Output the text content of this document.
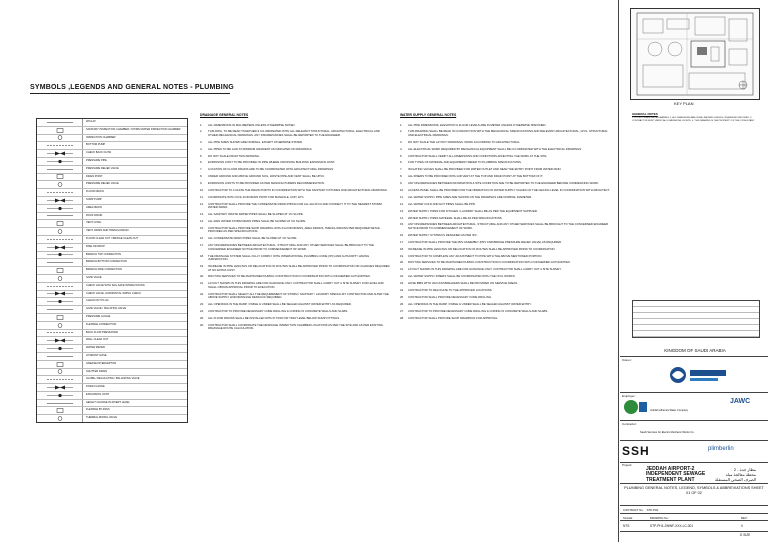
SYMBOLS ,LEGENDS AND GENERAL NOTES - PLUMBING
WC/LAV
SANITARY INSPECTION CHAMBER / STORM WATER INSPECTION CHAMBER
INSPECTION CHAMBER
BOTTOM PUMP
CHECK BACK FLOW
PRESSURE PIPE
PRESSURE RELIEF VALVE
DRAIN POINT
PRESSURE RELIEF VALVE
FLOOR DRAIN
SUMP PUMP
AREA DRAIN
ROOF DRAIN
VENT COWL
VENT, DRAIN AND TRENCH DRAIN
FLOOR CLEAN OUT / BRIDGE CLEAN OUT
RISE OR DROP
BRANCH TOP CONNECTION
BRANCH BOTTOM CONNECTION
BRANCH SIDE CONNECTION
GATE VALVE
CHECK VALVE WITH FAIL SAFE INTERLOCKING
CHECK VALVE, HORIZONTAL SWING CHECK
CLEAN OUT PLUG
GATE VALVE / ISOLATING VALVE
PRESSURE GUAGE
FLEXIBLE CONNECTION
BACK FLOW PREVENTER
WALL CLEAN OUT
WATER METER
HYDRANT HOSE
GREASE INTERCEPTOR
SHUTTER DRAIN
GLOBE / REGULATING / BALANCING VALVE
FIXED FLANGE
EXPANSION JOINT
HEIGHT CHANGE IN INVERT LEVEL
FLEXIBLE BY-PASS
THERMAL MIXING VALVE
DRAINAGE GENERAL NOTES
1.	ALL DIMENSIONS IN MILLIMETERS UNLESS OTHERWISE NOTED.
2.	THIS DWG. TO BE READ TOGETHER & CO-ORDINATED WITH ALL RELEVANT STRUCTURAL, ARCHITECTURAL, ELECTRICAL AND OTHER MECHANICAL DRAWINGS. ANY DISCREPANCIES SHALL BE REPORTED TO THE ENGINEER.
3.	ALL PIPE SIZES SHOWN ARE NOMINAL, EXCEPT OTHERWISE STATED.
4.	ALL PIPES TO BE LAID AT MINIMUM GRADIENT AS INDICATED ON DRAWINGS.
5.	DO NOT SCALE FROM THIS DRAWING.
6.	EXPANSION JOINT TO BE PROVIDED IN PIPE WHERE CROSSING BUILDING EXPANSION JOINT.
7.	LOCATION OF FLOOR DRAINS ARE TO BE COORDINATED WITH ARCHITECTURAL DRAWINGS.
8.	UNDER GROUND AND ABOVE GROUND SOIL, WASTE PIPE AND VENT SHALL BE UPVC.
9.	EXPANSION JOINTS TO BE PROVIDED AS PER MANUFACTURERS RECOMMENDATION.
10.	CONTRACTOR TO LOCATE THE DRAIN POINTS IN COORDINATION WITH THE SANITARY FIXTURES AND ARCHITECTURAL DRAWINGS.
11.	COORDINATE WITH CIVIL FOR DRAIN POINT FOR MANHOLE, UNIT, ETC.
12.	CONTRACTOR SHALL PROVIDE THE CONDENSATE DRAIN PIPING FOR ALL AHU/FCU AND CONNECT IT TO THE NEAREST STORM WATER DRAIN.
13.	ALL SANITARY WASTE WATER PIPES SHALL BE SLOPED AT 1% SLOPE.
14.	ALL RAIN WATER STORM DRAIN PIPES SHALL BE SLOPED AT 1% SLOPE.
15.	CONTRACTOR SHALL PROVIDE SHOP DRAWING WITH FLOOR DRAINS, AREA DRAINS, TRENCH DRAINS PER REQUIRED DETAIL PROVIDED AS PER SPECIFICATIONS.
16.	ALL CONDENSATE DRAIN PIPES SHALL BE SLOPED AT 1% SLOPE.
17.	ANY DISCREPANCIES BETWEEN ARCHITECTURAL, STRUCTURAL AND ANY OTHER SERVICES SHALL BE BROUGHT TO THE CONCERNED ENGINEER NOTICE PRIOR TO COMMENCEMENT OF WORK.
18.	THE DRAINAGE SYSTEM SHALL FULLY COMPLY WITH INTERNATIONAL PLUMBING CODE (IPC) AND AUTHORITY HAVING JURISDICTION.
19.	INCREASE IN PIPE LENGTHS OR RELOCATION OF ROUTES SHALL BE APPROVED PRIOR TO COORDINATION OR CHANGES REQUIRED AT NO EXTRA COST.
20.	ROUTING SERVICES TO BE MAINTAINED DURING CONSTRUCTION IN COORDINATION WITH CONCERNED AUTHORITIES.
21.	LAYOUT SHOWN IN THIS DRAWING ARE FOR GUIDANCE ONLY. CONTRACTOR SHALL CARRY OUT A SITE SURVEY FOR LEVEL AND SHALL OBTAIN APPROVAL PRIOR TO EXECUTION.
22.	CONTRACTOR SHALL SELECT ALL THE REQUIREMENT OF STORM / SANITARY / LAUNDRY SPECIALIST CONTRACTOR AND ALTER THE ABOVE SUPPLY AND DRAINAGE DESIGN IF REQUIRED.
23.	ALL OPENINGS IN THE RAMP / PABLE & UNDER SHALL BE SEALED AGAINST WATER ENTRY AS REQUIRED.
24.	CONTRACTOR TO PROVIDE NECESSARY CORE DRILLING & CORING IN CONCRETE WALLS AND SLABS.
25.	ALL FLOOR DRAINS SHALL BE INSTALLED WITH P-TRAP OR TRAP LEVEL BELOW SUMP FITTINGS.
26.	CONTRACTOR SHALL COORDINATE THE DRAINAGE INSPECTION CHAMBER LOCATIONS AS PER THE SITE AND AS PER EXISTING DRAINAGE ROUTE CALCULATION.
WATER SUPPLY GENERAL NOTES
1.	ALL PIPE DIMENSIONS, ELEVATION & FLOOR LEVELS ARE IN METER UNLESS OTHERWISE SPECIFIED.
2.	THIS DRAWING SHALL BE READ IN CONJUNCTION WITH THE MECHANICAL SPECIFICATIONS AND RELEVANT ARCHITECTURAL, CIVIL, STRUCTURAL AND ELECTRICAL DRAWINGS.
3.	DO NOT SCALE THE LAYOUT DRAWINGS. WORK ACCORDING TO ARCHITECTURAL.
4.	ALL ELECTRICAL WORK REQUIRED BY MECHANICAL EQUIPMENT SHALL BE CO-ORDINATED WITH THE ELECTRICAL DRAWINGS.
5.	CONTRACTOR SHALL VERIFY ALL DIMENSIONS AND CONDITIONS AFFECTING THE WORK AT THE SITE.
6.	FOR TYPES OF MATERIAL AND EQUIPMENT REFER TO PLUMBING SPECIFICATIONS.
7.	ISOLATING VALVES SHALL BE PROVIDED FOR WATER OUTLET AND NEAR THE ENTRY POINT FROM WATER MAIN.
8.	ALL RISERS TO BE PROVIDED WITH AIR VENT AT THE TOP AND DRAIN POINT AT THE BOTTOM OF IT.
9.	ANY DISCREPANCIES BETWEEN INFORMATION & SITE CONDITION ARE TO BE REPORTED TO THE ENGINEER BEFORE COMMENCING WORK.
10.	ACCESS PANEL SHALL BE PROVIDED FOR THE OPERATION OF WATER SUPPLY VALVES OF THE CEILING LEVEL IN COORDINATION WITH ARCHITECT.
11.	ALL WATER SUPPLY PIPE SIZES ARE SHOWN ON THE DRAWINGS ARE NOMINAL DIAMETER.
12.	ALL WATER COLD AND HOT PIPES SHALL BE PPR.
13.	WATER SUPPLY PIPES FOR KITCHEN / LAUNDRY SHALL BE AS PER THE EQUIPMENT SUPPLIER.
14.	WATER SUPPLY PIPES MATERIAL SHALL BE AS PER SPECIFICATIONS.
15.	ANY DISCREPANCIES BETWEEN ARCHITECTURAL, STRUCTURAL AND ANY OTHER SERVICES SHALL BE BROUGHT TO THE CONCERNED ENGINEER NOTICE PRIOR TO COMMENCEMENT OF WORK.
16.	WATER SUPPLY SYSTEM IS DESIGNED AS PER IPC.
17.	CONTRACTOR SHALL PROVIDE THE PRV ASSEMBLY (PRV AND BRIDGE PRESSURE RELIEF VALVE) AS REQUIRED.
18.	INCREASE IN PIPE LENGTHS OR RELOCATION OF ROUTES SHALL BE APPROVED PRIOR TO COORDINATION.
19.	CONTRACTOR TO COMPLETE ANY ADJUSTMENT TO PIPE WITH THE ABOVE MENTIONED PORTION.
20.	ROUTING SERVICES TO BE MAINTAINED DURING CONSTRUCTION IN COORDINATION WITH CONCERNED AUTHORITIES.
21.	LAYOUT SHOWN IN THIS DRAWING ARE FOR GUIDANCE ONLY. CONTRACTOR SHALL CARRY OUT A SITE SURVEY.
22.	ALL WATER SUPPLY RISERS SHALL BE COORDINATED WITH THE CIVIL WORKS.
23.	HOSE BIBS WITH VACUUM BREAKERS SHALL BE PROVIDED ON SERVICE AREAS.
24.	CONTRACTOR TO RELOCATE TO THE APPROVED LOCATIONS.
25.	CONTRACTOR SHALL PROVIDE NECESSARY CORE DRILLING.
26.	ALL OPENINGS IN THE RAMP / PABLE & UNDER SHALL BE SEALED AGAINST WATER ENTRY.
27.	CONTRACTOR TO PROVIDE NECESSARY CORE DRILLING & CORING IN CONCRETE WALLS AND SLABS.
28.	CONTRACTOR SHALL PROVIDE SHOP DRAWINGS FOR APPROVAL.
KEY PLAN
GENERAL NOTES
1. DO NOT SCALE FROM DRAWING. 2. ALL DIMENSIONS ARE IN MILLIMETERS UNLESS OTHERWISE SPECIFIED. 3. CONTRACTOR MUST VERIFY ALL DIMENSIONS ON SITE. 4. THIS DRAWING IS THE PROPERTY OF THE CONSULTANT.
KINGDOM OF SAUDI ARABIA
Owner:
Employer:
Jeddah Alhamra Water Company
JAWC
Contractor:
Saudi Services for Electro Mechanic Works Co.
SSH	plimberlin
Project:
JEDDAH AIRPORT-2
INDEPENDENT SEWAGE
TREATMENT PLANT
مطار جدة - 2
محطة معالجة مياه
الصرف الصحي المستقلة
PLUMBING GENERAL NOTES, LEGEND, SYMBOLS & ABBREVIATIONS SHEET 01 OF 02
CONTRACT No.	STP-PH1
SCALE:	DRAWING No.:	REV:
NTS	STP-PH1-JWWF-XXX-LC-001	0
D SIZE
